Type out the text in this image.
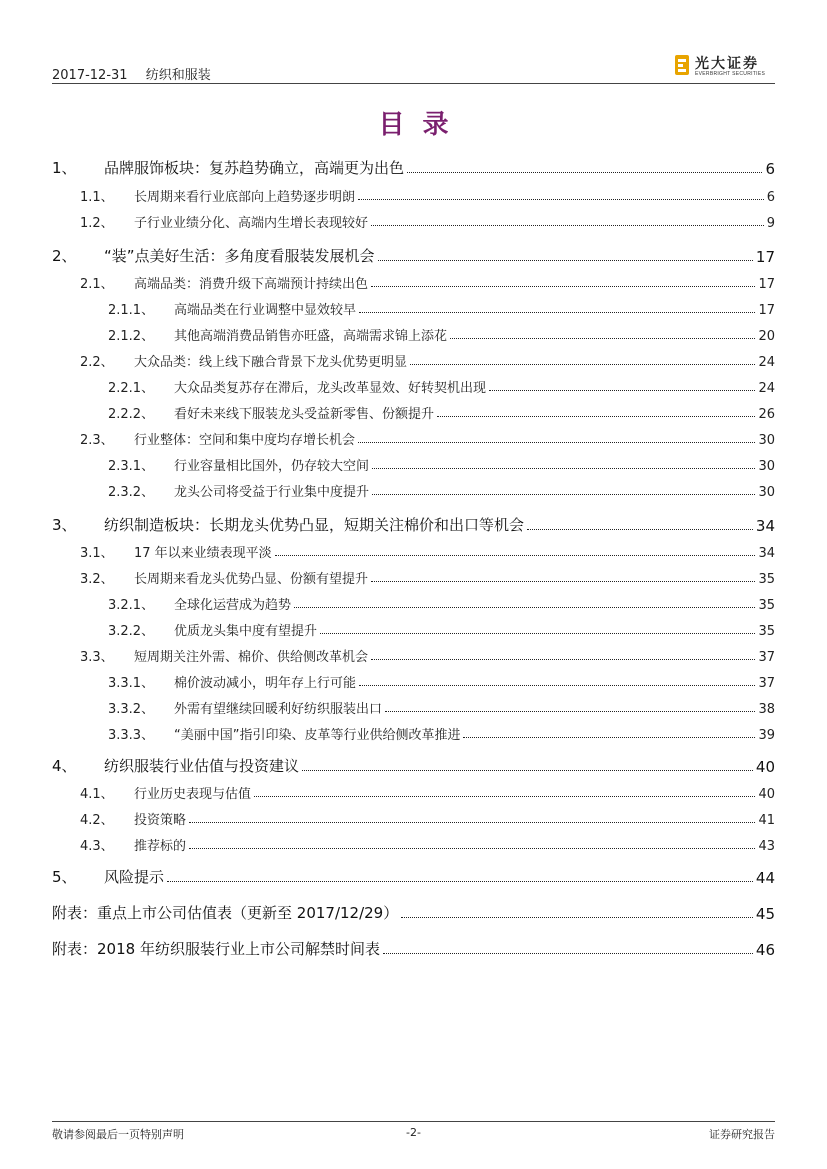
2017-12-31 纺织和服装
光大证券
EVERBRIGHT SECURITIES
目录
1、	品牌服饰板块：复苏趋势确立，高端更为出色	6
1.1、	长周期来看行业底部向上趋势逐步明朗	6
1.2、	子行业业绩分化、高端内生增长表现较好	9
2、	“装”点美好生活：多角度看服装发展机会	17
2.1、	高端品类：消费升级下高端预计持续出色	17
2.1.1、	高端品类在行业调整中显效较早	17
2.1.2、	其他高端消费品销售亦旺盛，高端需求锦上添花	20
2.2、	大众品类：线上线下融合背景下龙头优势更明显	24
2.2.1、	大众品类复苏存在滞后，龙头改革显效、好转契机出现	24
2.2.2、	看好未来线下服装龙头受益新零售、份额提升	26
2.3、	行业整体：空间和集中度均存增长机会	30
2.3.1、	行业容量相比国外，仍存较大空间	30
2.3.2、	龙头公司将受益于行业集中度提升	30
3、	纺织制造板块：长期龙头优势凸显，短期关注棉价和出口等机会	34
3.1、	17 年以来业绩表现平淡	34
3.2、	长周期来看龙头优势凸显、份额有望提升	35
3.2.1、	全球化运营成为趋势	35
3.2.2、	优质龙头集中度有望提升	35
3.3、	短周期关注外需、棉价、供给侧改革机会	37
3.3.1、	棉价波动减小，明年存上行可能	37
3.3.2、	外需有望继续回暖利好纺织服装出口	38
3.3.3、	“美丽中国”指引印染、皮革等行业供给侧改革推进	39
4、	纺织服装行业估值与投资建议	40
4.1、	行业历史表现与估值	40
4.2、	投资策略	41
4.3、	推荐标的	43
5、	风险提示	44
附表：重点上市公司估值表（更新至 2017/12/29）	45
附表：2018 年纺织服装行业上市公司解禁时间表	46
敬请参阅最后一页特别声明	-2-	证券研究报告
